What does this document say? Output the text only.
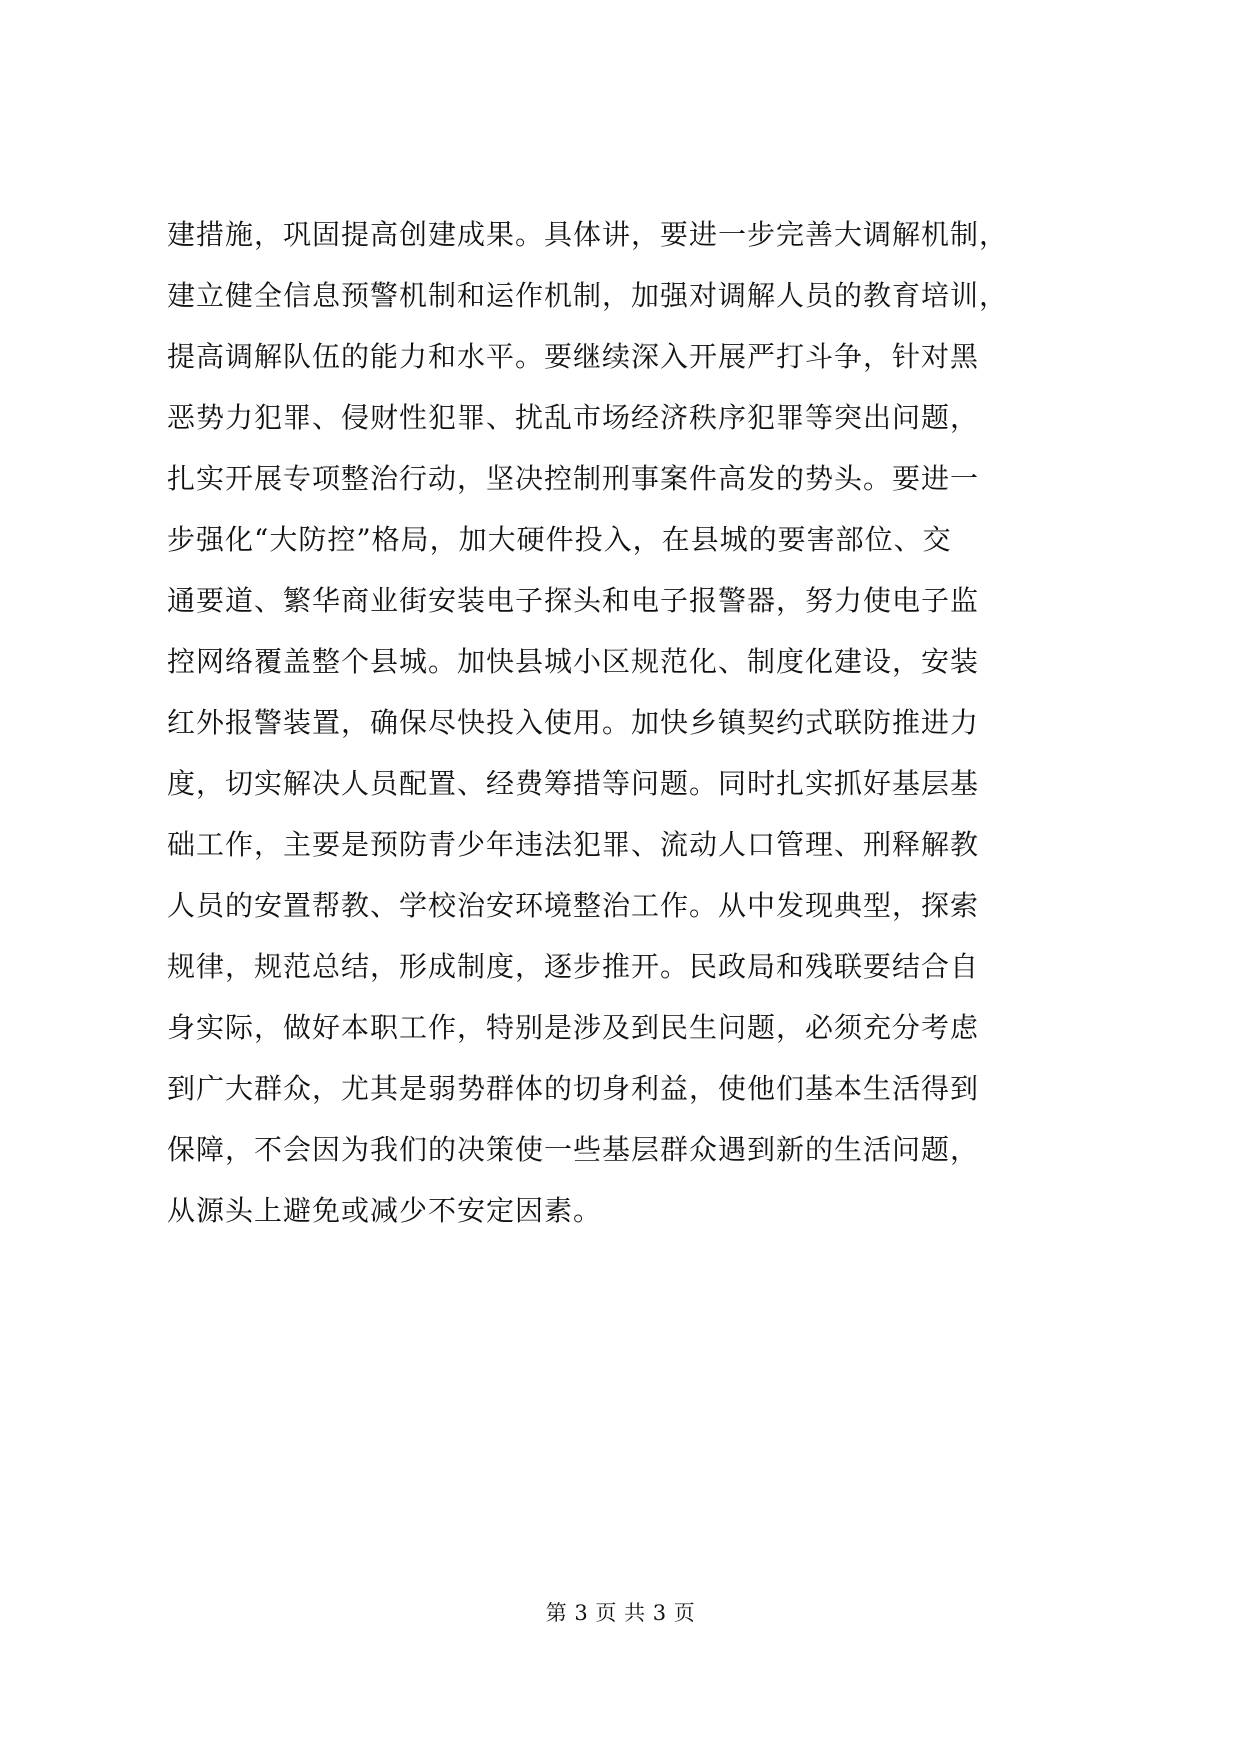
建措施，巩固提高创建成果。具体讲，要进一步完善大调解机制，
建立健全信息预警机制和运作机制，加强对调解人员的教育培训，
提高调解队伍的能力和水平。要继续深入开展严打斗争，针对黑
恶势力犯罪、侵财性犯罪、扰乱市场经济秩序犯罪等突出问题，
扎实开展专项整治行动，坚决控制刑事案件高发的势头。要进一
步强化“大防控”格局，加大硬件投入，在县城的要害部位、交
通要道、繁华商业街安装电子探头和电子报警器，努力使电子监
控网络覆盖整个县城。加快县城小区规范化、制度化建设，安装
红外报警装置，确保尽快投入使用。加快乡镇契约式联防推进力
度，切实解决人员配置、经费筹措等问题。同时扎实抓好基层基
础工作，主要是预防青少年违法犯罪、流动人口管理、刑释解教
人员的安置帮教、学校治安环境整治工作。从中发现典型，探索
规律，规范总结，形成制度，逐步推开。民政局和残联要结合自
身实际，做好本职工作，特别是涉及到民生问题，必须充分考虑
到广大群众，尤其是弱势群体的切身利益，使他们基本生活得到
保障，不会因为我们的决策使一些基层群众遇到新的生活问题，
从源头上避免或减少不安定因素。
第 3 页 共 3 页
